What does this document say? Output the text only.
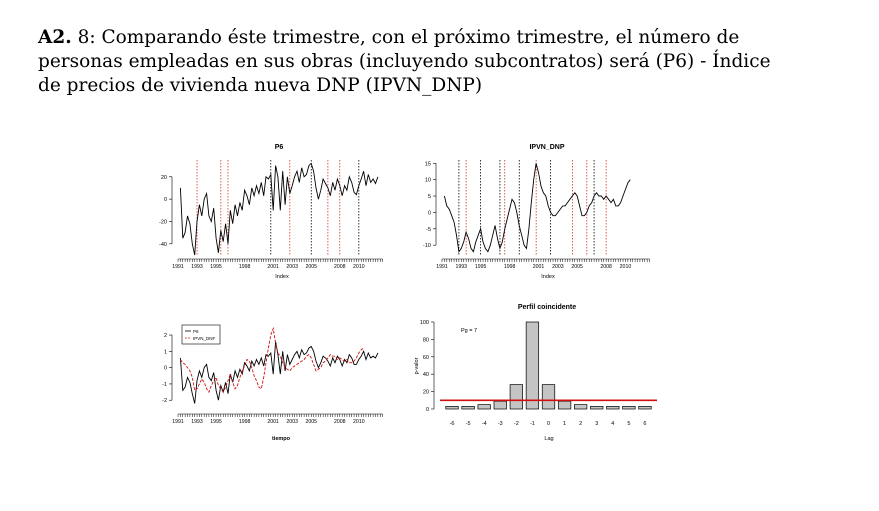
A2. 8: Comparando éste trimestre, con el próximo trimestre, el número de personas empleadas en sus obras (incluyendo subcontratos) será (P6) - Índice de precios de vivienda nueva DNP (IPVN_DNP)
P6
20
0
-20
-40
1991 1993 1995	1998	2001 2003 2005	2008 2010
Index
IPVN_DNP
15
10
5
0
-5
-10
1991 1993 1995	1998	2001 2003 2005	2008 2010
Index
2
1
0
-1
-2
1991 1993 1995	1998	2001 2003 2005	2008 2010
P6
IPVN_DNF
tiempo
Perfil coincidente
p-valor
0
20
40
60
80
100
-6 -5 -4 -3 -2 -1 0 1 2 3 4 5 6
Pg = 7
Lag
